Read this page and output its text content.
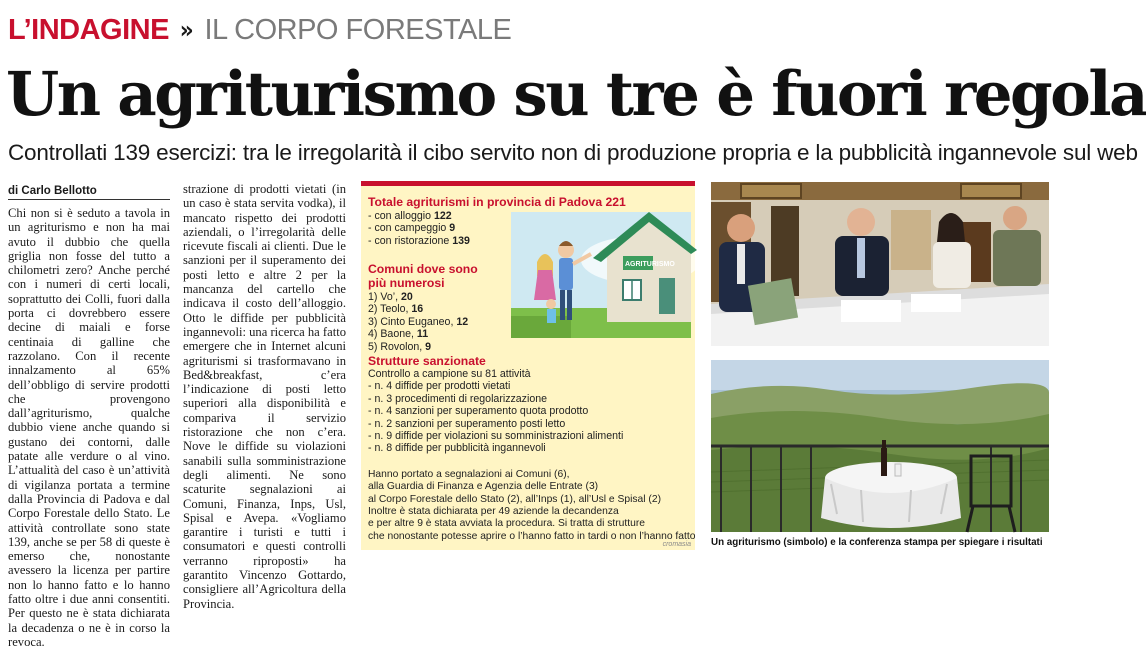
L’INDAGINE » IL CORPO FORESTALE
Un agriturismo su tre è fuori regola

Controllati 139 esercizi: tra le irregolarità il cibo servito non di produzione propria e la pubblicità ingannevole sul web

di Carlo Bellotto
Chi non si è seduto a tavola in un agriturismo e non ha mai avuto il dubbio che quella griglia non fosse del tutto a chilometri zero? Anche perché con i numeri di certi locali, soprattutto dei Colli, fuori dalla porta ci dovrebbero essere decine di maiali e forse centinaia di galline che razzolano. Con il recente innalzamento al 65% dell’obbligo di servire prodotti che provengono dall’agriturismo, qualche dubbio viene anche quando si gustano dei contorni, dalle patate alle verdure o al vino. L’attualità del caso è un’attività di vigilanza portata a termine dalla Provincia di Padova e dal Corpo Forestale dello Stato. Le attività controllate sono state 139, anche se per 58 di queste è emerso che, nonostante avessero la licenza per partire non lo hanno fatto e lo hanno fatto oltre i due anni consentiti. Per questo ne è stata dichiarata la decadenza o ne è in corso la revoca.
strazione di prodotti vietati (in un caso è stata servita vodka), il mancato rispetto dei prodotti aziendali, o l’irregolarità delle ricevute fiscali ai clienti. Due le sanzioni per il superamento dei posti letto e altre 2 per la mancanza del cartello che indicava il costo dell’alloggio. Otto le diffide per pubblicità ingannevoli: una ricerca ha fatto emergere che in Internet alcuni agriturismi si trasformavano in Bed&breakfast, c’era l’indicazione di posti letto superiori alla disponibilità e compariva il servizio ristorazione che non c’era. Nove le diffide su violazioni sanabili sulla somministrazione degli alimenti. Ne sono scaturite segnalazioni ai Comuni, Finanza, Inps, Usl, Spisal e Avepa. «Vogliamo garantire i turisti e tutti i consumatori e questi controlli verranno riproposti» ha garantito Vincenzo Gottardo, consigliere all’Agricoltura della Provincia.
Totale agriturismi in provincia di Padova 221
- con alloggio 122
- con campeggio 9
- con ristorazione 139
Comuni dove sono
più numerosi
1) Vo’, 20
2) Teolo, 16
3) Cinto Euganeo, 12
4) Baone, 11
5) Rovolon, 9
Strutture sanzionate
Controllo a campione su 81 attività
- n. 4 diffide per prodotti vietati
- n. 3 procedimenti di regolarizzazione
- n. 4 sanzioni per superamento quota prodotto
- n. 2 sanzioni per superamento posti letto
- n. 9 diffide per violazioni su somministrazioni alimenti
- n. 8 diffide per pubblicità ingannevoli
Hanno portato a segnalazioni ai Comuni (6),
alla Guardia di Finanza e Agenzia delle Entrate (3)
al Corpo Forestale dello Stato (2), all’Inps (1), all’Usl e Spisal (2)
Inoltre è stata dichiarata per 49 aziende la decandenza
e per altre 9 è stata avviata la procedura. Si tratta di strutture
che nonostante potesse aprire o l’hanno fatto in tardi o non l’hanno fatto
AGRITURISMO
cromasia Un agriturismo (simbolo) e la conferenza stampa per spiegare i risultati
